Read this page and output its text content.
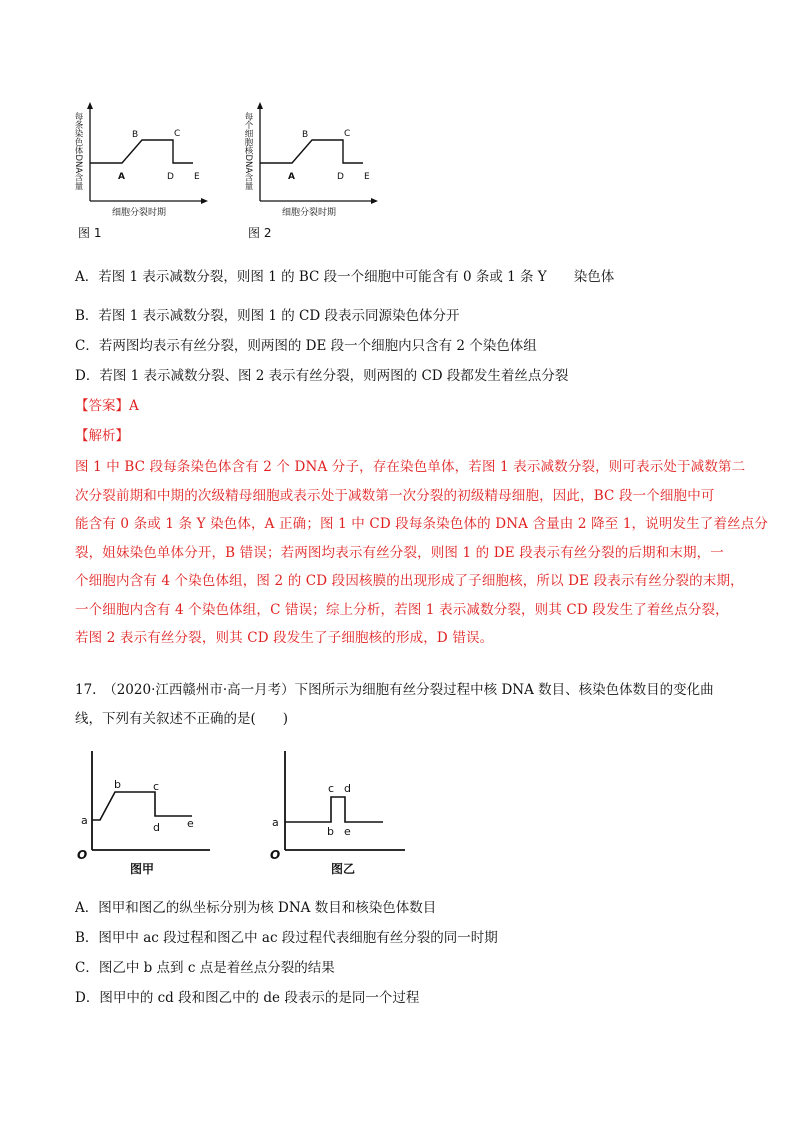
每条染色体DNA含量	A
B	C
D E
细胞分裂时期
图 1
每个细胞核DNA含量	A
B	C
D E
细胞分裂时期
图 2
A．若图 1 表示减数分裂，则图 1 的 BC 段一个细胞中可能含有 0 条或 1 条 Y　　染色体
B．若图 1 表示减数分裂，则图 1 的 CD 段表示同源染色体分开
C．若两图均表示有丝分裂，则两图的 DE 段一个细胞内只含有 2 个染色体组
D．若图 1 表示减数分裂、图 2 表示有丝分裂，则两图的 CD 段都发生着丝点分裂
【答案】A
【解析】
图 1 中 BC 段每条染色体含有 2 个 DNA 分子，存在染色单体，若图 1 表示减数分裂，则可表示处于减数第二
次分裂前期和中期的次级精母细胞或表示处于减数第一次分裂的初级精母细胞，因此，BC 段一个细胞中可
能含有 0 条或 1 条 Y 染色体，A 正确；图 1 中 CD 段每条染色体的 DNA 含量由 2 降至 1，说明发生了着丝点分
裂，姐妹染色单体分开，B 错误；若两图均表示有丝分裂，则图 1 的 DE 段表示有丝分裂的后期和末期，一
个细胞内含有 4 个染色体组，图 2 的 CD 段因核膜的出现形成了子细胞核，所以 DE 段表示有丝分裂的末期，
一个细胞内含有 4 个染色体组，C 错误；综上分析，若图 1 表示减数分裂，则其 CD 段发生了着丝点分裂，
若图 2 表示有丝分裂，则其 CD 段发生了子细胞核的形成，D 错误。
17.　（2020·江西赣州市·高一月考）下图所示为细胞有丝分裂过程中核 DNA 数目、核染色体数目的变化曲
线，下列有关叙述不正确的是(　　)
a
b	c
d e
O
图甲
a
b
c d
e
O
图乙
A．图甲和图乙的纵坐标分别为核 DNA 数目和核染色体数目
B．图甲中 ac 段过程和图乙中 ac 段过程代表细胞有丝分裂的同一时期
C．图乙中 b 点到 c 点是着丝点分裂的结果
D．图甲中的 cd 段和图乙中的 de 段表示的是同一个过程
